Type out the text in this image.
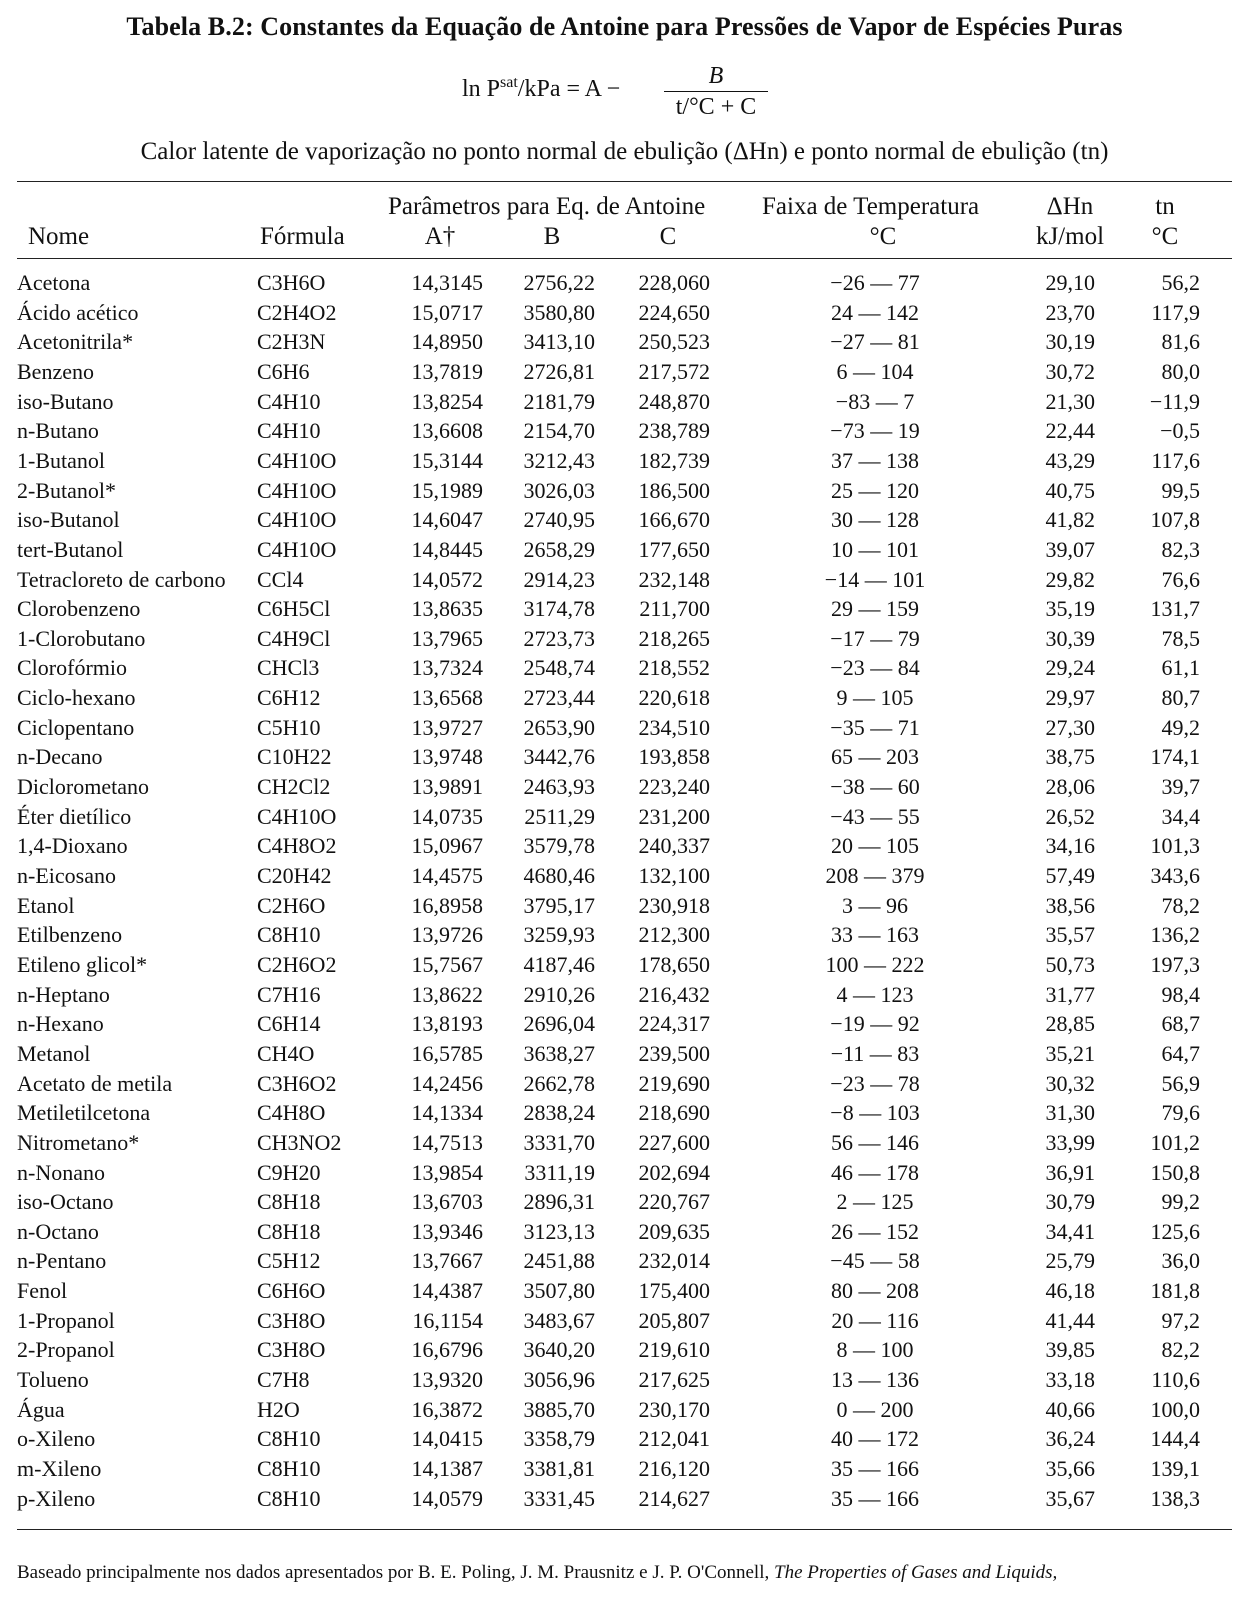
Tabela B.2: Constantes da Equação de Antoine para Pressões de Vapor de Espécies Puras
$\ln P^{sat}$/kPa = A −	B
t/°C + C
Calor latente de vaporização no ponto normal de ebulição (ΔHn) e ponto normal de ebulição (tn)
Parâmetros para Eq. de Antoine Faixa de Temperatura	ΔHn	tn
Nome	Fórmula	A†	B	C	°C	kJ/mol	°C
Acetona	C3H6O	14,3145	2756,22	228,060	−26 — 77	29,10	56,2
Ácido acético	C2H4O2	15,0717	3580,80	224,650	24 — 142	23,70	117,9
Acetonitrila*	C2H3N	14,8950	3413,10	250,523	−27 — 81	30,19	81,6
Benzeno	C6H6	13,7819	2726,81	217,572	6 — 104	30,72	80,0
iso-Butano	C4H10	13,8254	2181,79	248,870	−83 — 7	21,30	−11,9
n-Butano	C4H10	13,6608	2154,70	238,789	−73 — 19	22,44	−0,5
1-Butanol	C4H10O	15,3144	3212,43	182,739	37 — 138	43,29	117,6
2-Butanol*	C4H10O	15,1989	3026,03	186,500	25 — 120	40,75	99,5
iso-Butanol	C4H10O	14,6047	2740,95	166,670	30 — 128	41,82	107,8
tert-Butanol	C4H10O	14,8445	2658,29	177,650	10 — 101	39,07	82,3
Tetracloreto de carbono	CCl4	14,0572	2914,23	232,148	−14 — 101	29,82	76,6
Clorobenzeno	C6H5Cl	13,8635	3174,78	211,700	29 — 159	35,19	131,7
1-Clorobutano	C4H9Cl	13,7965	2723,73	218,265	−17 — 79	30,39	78,5
Clorofórmio	CHCl3	13,7324	2548,74	218,552	−23 — 84	29,24	61,1
Ciclo-hexano	C6H12	13,6568	2723,44	220,618	9 — 105	29,97	80,7
Ciclopentano	C5H10	13,9727	2653,90	234,510	−35 — 71	27,30	49,2
n-Decano	C10H22	13,9748	3442,76	193,858	65 — 203	38,75	174,1
Diclorometano	CH2Cl2	13,9891	2463,93	223,240	−38 — 60	28,06	39,7
Éter dietílico	C4H10O	14,0735	2511,29	231,200	−43 — 55	26,52	34,4
1,4-Dioxano	C4H8O2	15,0967	3579,78	240,337	20 — 105	34,16	101,3
n-Eicosano	C20H42	14,4575	4680,46	132,100	208 — 379	57,49	343,6
Etanol	C2H6O	16,8958	3795,17	230,918	3 — 96	38,56	78,2
Etilbenzeno	C8H10	13,9726	3259,93	212,300	33 — 163	35,57	136,2
Etileno glicol*	C2H6O2	15,7567	4187,46	178,650	100 — 222	50,73	197,3
n-Heptano	C7H16	13,8622	2910,26	216,432	4 — 123	31,77	98,4
n-Hexano	C6H14	13,8193	2696,04	224,317	−19 — 92	28,85	68,7
Metanol	CH4O	16,5785	3638,27	239,500	−11 — 83	35,21	64,7
Acetato de metila	C3H6O2	14,2456	2662,78	219,690	−23 — 78	30,32	56,9
Metiletilcetona	C4H8O	14,1334	2838,24	218,690	−8 — 103	31,30	79,6
Nitrometano*	CH3NO2	14,7513	3331,70	227,600	56 — 146	33,99	101,2
n-Nonano	C9H20	13,9854	3311,19	202,694	46 — 178	36,91	150,8
iso-Octano	C8H18	13,6703	2896,31	220,767	2 — 125	30,79	99,2
n-Octano	C8H18	13,9346	3123,13	209,635	26 — 152	34,41	125,6
n-Pentano	C5H12	13,7667	2451,88	232,014	−45 — 58	25,79	36,0
Fenol	C6H6O	14,4387	3507,80	175,400	80 — 208	46,18	181,8
1-Propanol	C3H8O	16,1154	3483,67	205,807	20 — 116	41,44	97,2
2-Propanol	C3H8O	16,6796	3640,20	219,610	8 — 100	39,85	82,2
Tolueno	C7H8	13,9320	3056,96	217,625	13 — 136	33,18	110,6
Água	H2O	16,3872	3885,70	230,170	0 — 200	40,66	100,0
o-Xileno	C8H10	14,0415	3358,79	212,041	40 — 172	36,24	144,4
m-Xileno	C8H10	14,1387	3381,81	216,120	35 — 166	35,66	139,1
p-Xileno	C8H10	14,0579	3331,45	214,627	35 — 166	35,67	138,3
Baseado principalmente nos dados apresentados por B. E. Poling, J. M. Prausnitz e J. P. O'Connell, The Properties of Gases and Liquids,
